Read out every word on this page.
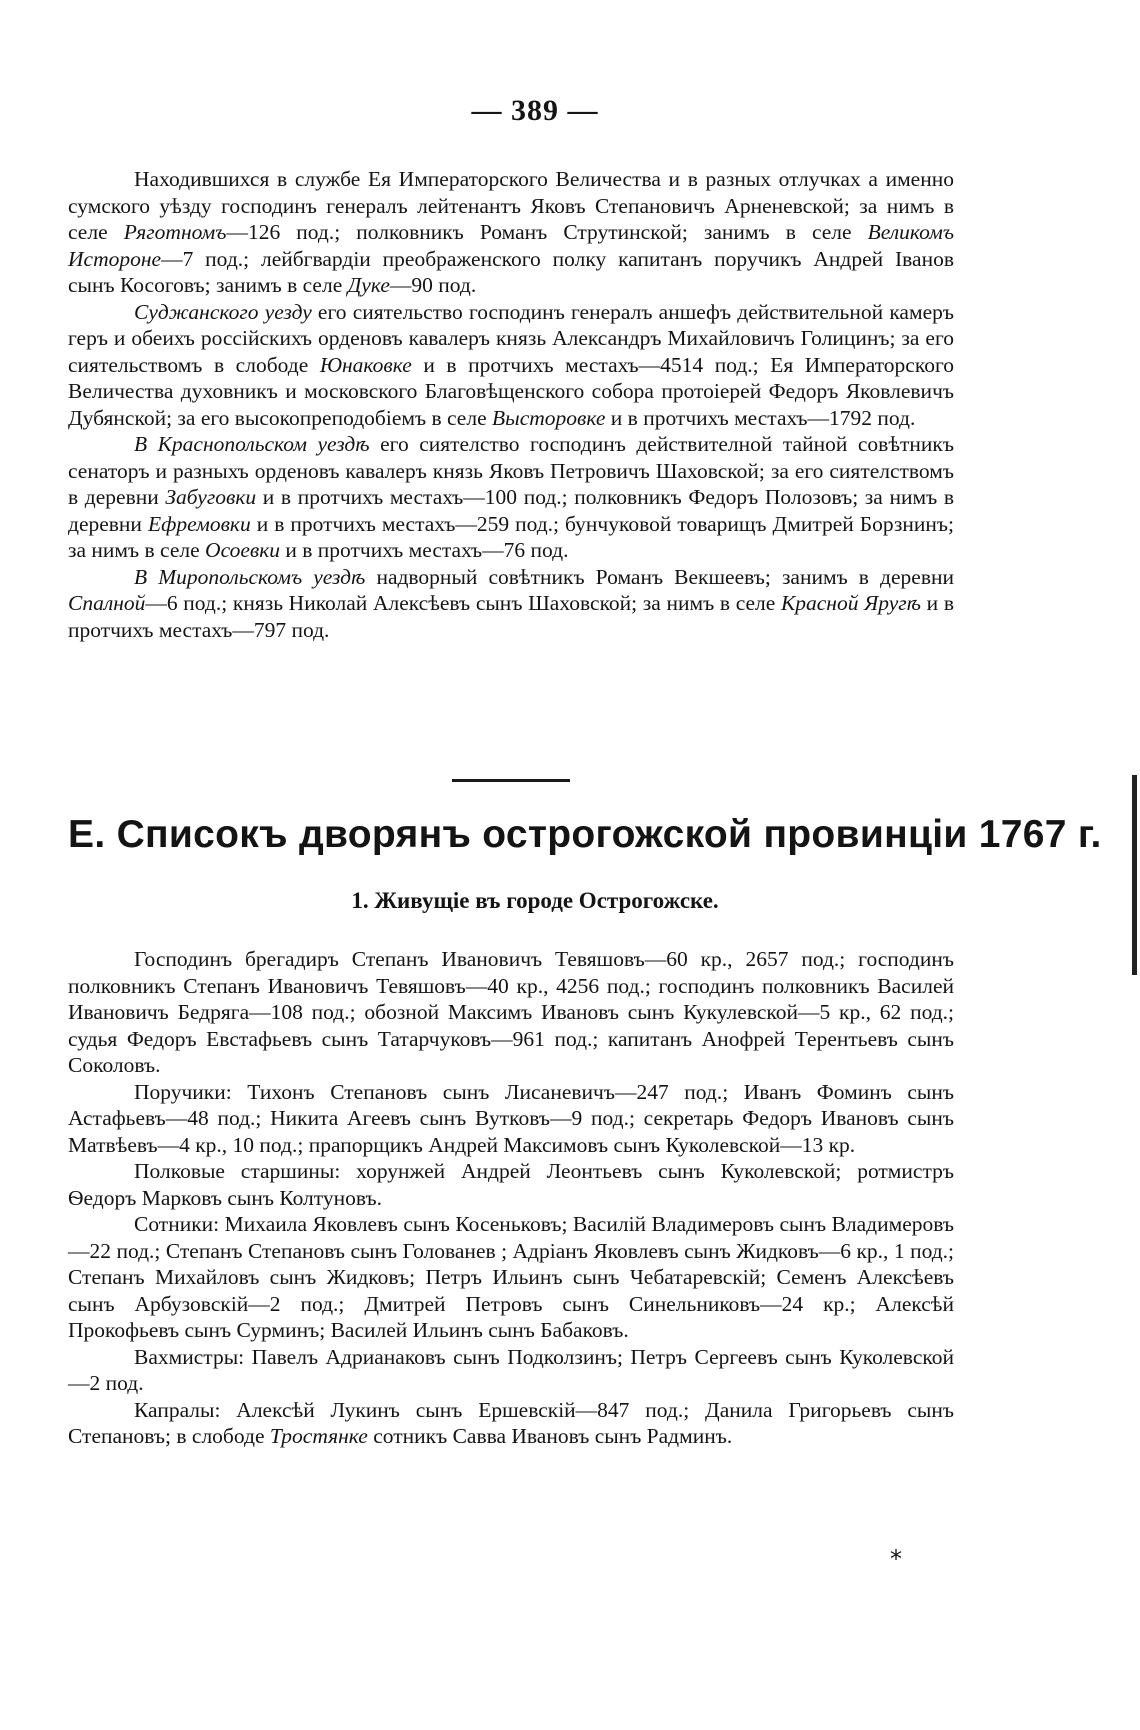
— 389 —

Находившихся в службе Ея Императорского Величества и в разных отлучках а именно сумского уѣзду господинъ генералъ лейтенантъ Яковъ Степановичъ Арненевской; за нимъ в селе Ряготномъ—126 под.; полковникъ Романъ Струтинской; занимъ в селе Великомъ Истороне—7 под.; лейбгвардіи преображенского полку капитанъ поручикъ Андрей Іванов сынъ Косоговъ; занимъ в селе Дуке—90 под.

Суджанского уезду его сиятельство господинъ генералъ аншефъ действительной камеръ геръ и обеихъ россійскихъ орденовъ кавалеръ князь Александръ Михайловичъ Голицинъ; за его сиятельствомъ в слободе Юнаковке и в протчихъ местахъ—4514 под.; Ея Императорского Величества духовникъ и московского Благовѣщенского собора протоіерей Федоръ Яковлевичъ Дубянской; за его высокопреподобіемъ в селе Высторовке и в протчихъ местахъ—1792 под.

В Краснопольском уездѣ его сиятелство господинъ действителной тайной совѣтникъ сенаторъ и разныхъ орденовъ кавалеръ князь Яковъ Петровичъ Шаховской; за его сиятелствомъ в деревни Забуговки и в протчихъ местахъ—100 под.; полковникъ Федоръ Полозовъ; за нимъ в деревни Ефремовки и в протчихъ местахъ—259 под.; бунчуковой товарищъ Дмитрей Борзнинъ; за нимъ в селе Осоевки и в протчихъ местахъ—76 под.

В Миропольскомъ уездѣ надворный совѣтникъ Романъ Векшеевъ; занимъ в деревни Спалной—6 под.; князь Николай Алексѣевъ сынъ Шаховской; за нимъ в селе Красной Яругѣ и в протчихъ местахъ—797 под.

Е. Списокъ дворянъ острогожской провинціи 1767 г.
1. Живущіе въ городе Острогожске.

Господинъ брегадиръ Степанъ Ивановичъ Тевяшовъ—60 кр., 2657 под.; господинъ полковникъ Степанъ Ивановичъ Тевяшовъ—40 кр., 4256 под.; господинъ полковникъ Василей Ивановичъ Бедряга—108 под.; обозной Максимъ Ивановъ сынъ Кукулевской—5 кр., 62 под.; судья Федоръ Евстафьевъ сынъ Татарчуковъ—961 под.; капитанъ Анофрей Терентьевъ сынъ Соколовъ.

Поручики: Тихонъ Степановъ сынъ Лисаневичъ—247 под.; Иванъ Фоминъ сынъ Астафьевъ—48 под.; Никита Агеевъ сынъ Вутковъ—9 под.; секретарь Федоръ Ивановъ сынъ Матвѣевъ—4 кр., 10 под.; прапорщикъ Андрей Максимовъ сынъ Куколевской—13 кр.

Полковые старшины: хорунжей Андрей Леонтьевъ сынъ Куколевской; ротмистръ Ѳедоръ Марковъ сынъ Колтуновъ.

Сотники: Михаила Яковлевъ сынъ Косеньковъ; Василій Владимеровъ сынъ Владимеровъ—22 под.; Степанъ Степановъ сынъ Голованев ; Адріанъ Яковлевъ сынъ Жидковъ—6 кр., 1 под.; Степанъ Михайловъ сынъ Жидковъ; Петръ Ильинъ сынъ Чебатаревскій; Семенъ Алексѣевъ сынъ Арбузовскій—2 под.; Дмитрей Петровъ сынъ Синельниковъ—24 кр.; Алексѣй Прокофьевъ сынъ Сурминъ; Василей Ильинъ сынъ Бабаковъ.

Вахмистры: Павелъ Адрианаковъ сынъ Подколзинъ; Петръ Сергеевъ сынъ Куколевской—2 под.

Капралы: Алексѣй Лукинъ сынъ Ершевскій—847 под.; Данила Григорьевъ сынъ Степановъ; в слободе Тростянке сотникъ Савва Ивановъ сынъ Радминъ.

*
